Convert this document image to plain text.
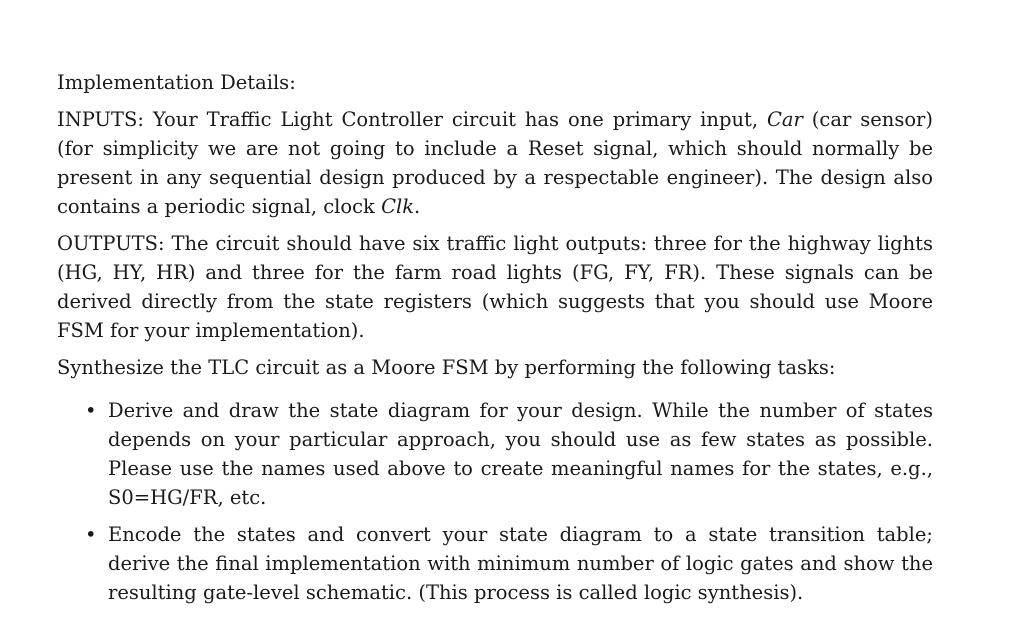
Implementation Details:

INPUTS: Your Traffic Light Controller circuit has one primary input, Car (car sensor) (for simplicity we are not going to include a Reset signal, which should normally be present in any sequential design produced by a respectable engineer). The design also contains a periodic signal, clock Clk.

OUTPUTS: The circuit should have six traffic light outputs: three for the highway lights (HG, HY, HR) and three for the farm road lights (FG, FY, FR). These signals can be derived directly from the state registers (which suggests that you should use Moore FSM for your implementation).

Synthesize the TLC circuit as a Moore FSM by performing the following tasks:

• Derive and draw the state diagram for your design. While the number of states depends on your particular approach, you should use as few states as possible. Please use the names used above to create meaningful names for the states, e.g., S0=HG/FR, etc.
• Encode the states and convert your state diagram to a state transition table; derive the final implementation with minimum number of logic gates and show the resulting gate-level schematic. (This process is called logic synthesis).
